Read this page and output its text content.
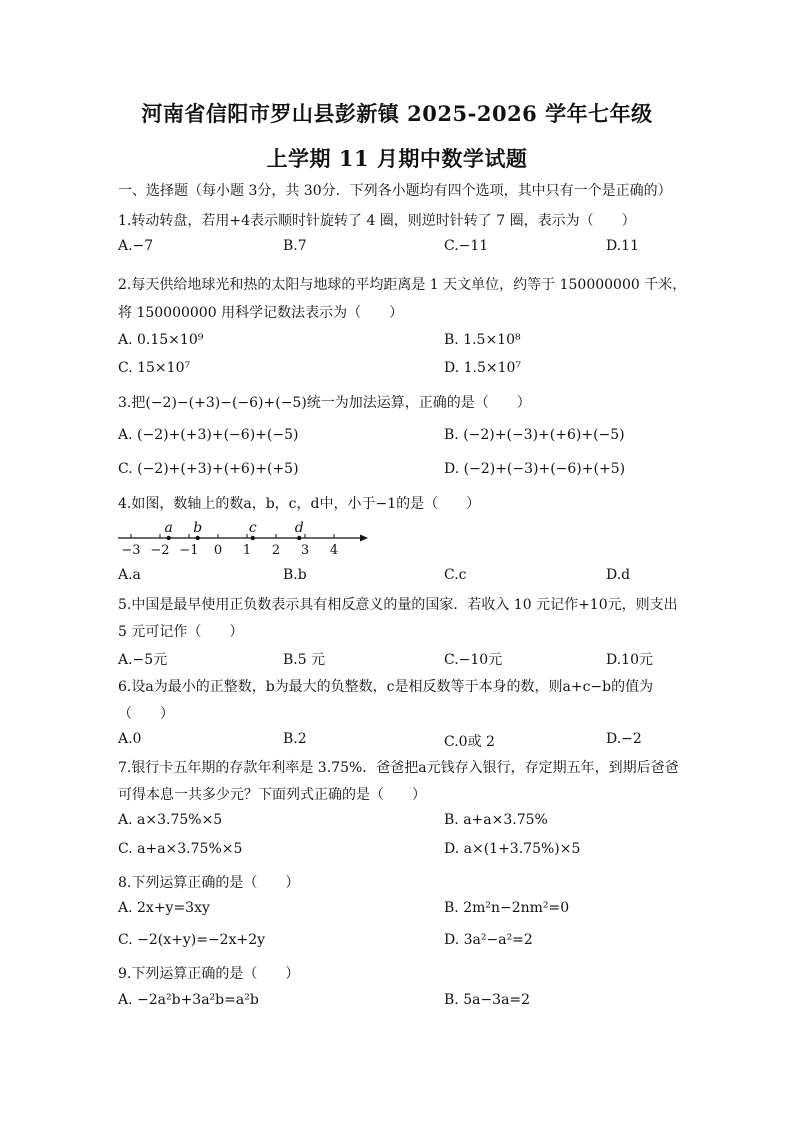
河南省信阳市罗山县彭新镇 2025-2026 学年七年级
上学期 11 月期中数学试题
一、选择题（每小题 3分，共 30分．下列各小题均有四个选项，其中只有一个是正确的）
1.转动转盘，若用+4表示顺时针旋转了 4 圈，则逆时针转了 7 圈，表示为（　　）
A.−7	B.7	C.−11	D.11
2.每天供给地球光和热的太阳与地球的平均距离是 1 天文单位，约等于 150000000 千米，
将 150000000 用科学记数法表示为（　　）
A. 0.15×10⁹	B. 1.5×10⁸
C. 15×10⁷	D. 1.5×10⁷
3.把(−2)−(+3)−(−6)+(−5)统一为加法运算，正确的是（　　）
A. (−2)+(+3)+(−6)+(−5)	B. (−2)+(−3)+(+6)+(−5)
C. (−2)+(+3)+(+6)+(+5)	D. (−2)+(−3)+(−6)+(+5)
4.如图，数轴上的数a，b，c，d中，小于−1的是（　　）
−3 −2 −1 0 1 2 3 4
a b	c	d
A.a	B.b	C.c	D.d
5.中国是最早使用正负数表示具有相反意义的量的国家．若收入 10 元记作+10元，则支出
5 元可记作（　　）
A.−5元	B.5 元	C.−10元	D.10元
6.设a为最小的正整数，b为最大的负整数，c是相反数等于本身的数，则a+c−b的值为
（　　）
A.0	B.2	C.0或 2	D.−2
7.银行卡五年期的存款年利率是 3.75%．爸爸把a元钱存入银行，存定期五年，到期后爸爸
可得本息一共多少元？下面列式正确的是（　　）
A. a×3.75%×5	B. a+a×3.75%
C. a+a×3.75%×5	D. a×(1+3.75%)×5
8.下列运算正确的是（　　）
A. 2x+y=3xy	B. 2m²n−2nm²=0
C. −2(x+y)=−2x+2y	D. 3a²−a²=2
9.下列运算正确的是（　　）
A. −2a²b+3a²b=a²b	B. 5a−3a=2
